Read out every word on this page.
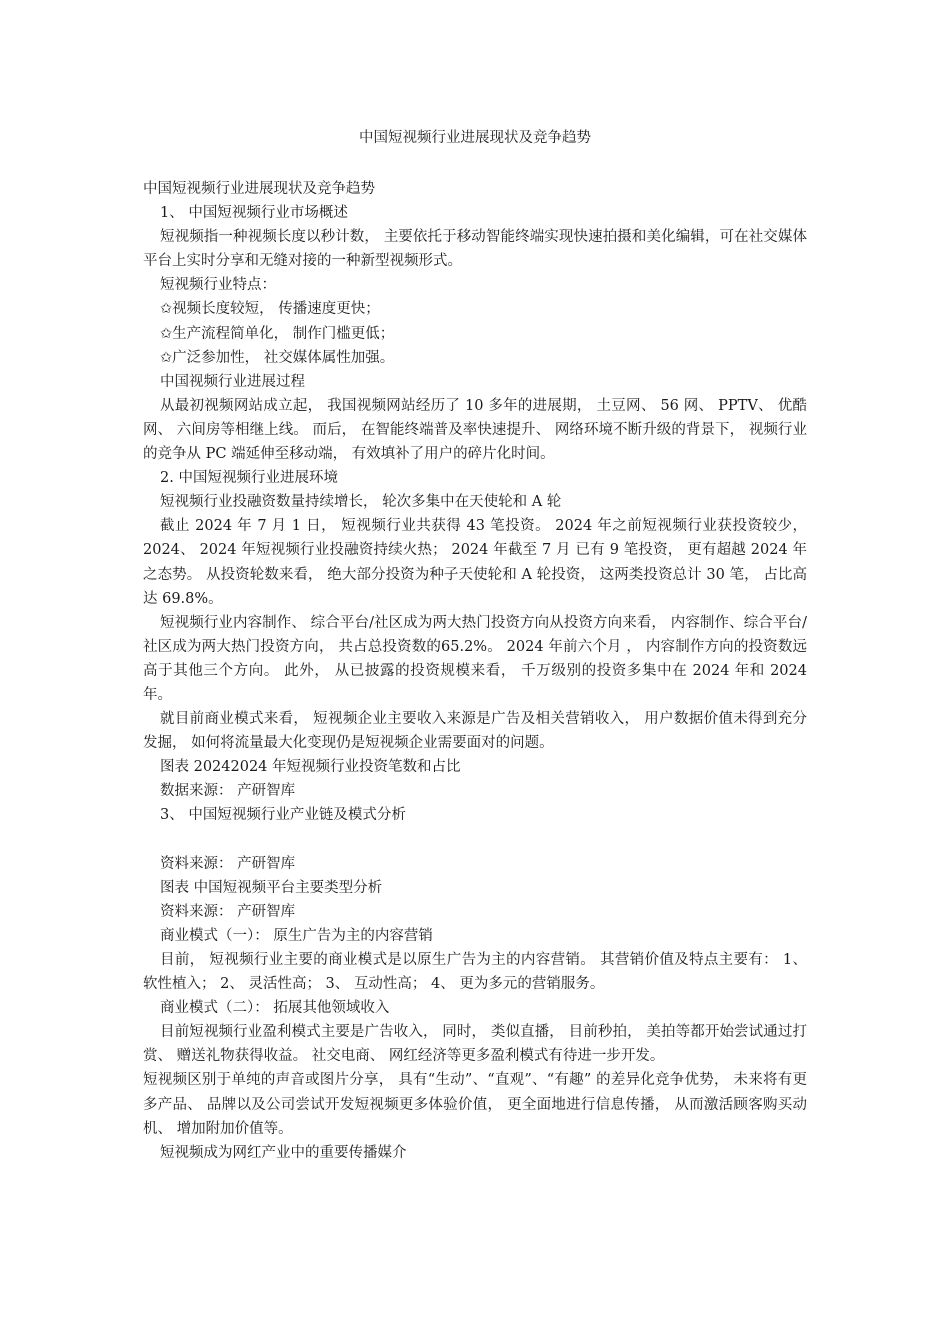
中国短视频行业进展现状及竞争趋势

中国短视频行业进展现状及竞争趋势

1、 中国短视频行业市场概述

短视频指一种视频长度以秒计数， 主要依托于移动智能终端实现快速拍摄和美化编辑，可在社交媒体平台上实时分享和无缝对接的一种新型视频形式。

短视频行业特点：

✩视频长度较短， 传播速度更快；

✩生产流程简单化， 制作门槛更低；

✩广泛参加性， 社交媒体属性加强。

中国视频行业进展过程

从最初视频网站成立起， 我国视频网站经历了 10 多年的进展期， 土豆网、 56 网、 PPTV、 优酷网、 六间房等相继上线。 而后， 在智能终端普及率快速提升、 网络环境不断升级的背景下， 视频行业的竞争从 PC 端延伸至移动端， 有效填补了用户的碎片化时间。

2. 中国短视频行业进展环境

短视频行业投融资数量持续增长， 轮次多集中在天使轮和 A 轮

截止 2024 年 7 月 1 日， 短视频行业共获得 43 笔投资。 2024 年之前短视频行业获投资较少， 2024、 2024 年短视频行业投融资持续火热； 2024 年截至 7 月 已有 9 笔投资， 更有超越 2024 年之态势。 从投资轮数来看， 绝大部分投资为种子天使轮和 A 轮投资， 这两类投资总计 30 笔， 占比高达 69.8%。

短视频行业内容制作、 综合平台/社区成为两大热门投资方向从投资方向来看， 内容制作、综合平台/社区成为两大热门投资方向， 共占总投资数的65.2%。 2024 年前六个月 ， 内容制作方向的投资数远高于其他三个方向。 此外， 从已披露的投资规模来看， 千万级别的投资多集中在 2024 年和 2024 年。

就目前商业模式来看， 短视频企业主要收入来源是广告及相关营销收入， 用户数据价值未得到充分发掘， 如何将流量最大化变现仍是短视频企业需要面对的问题。

图表 20242024 年短视频行业投资笔数和占比

数据来源： 产研智库

3、 中国短视频行业产业链及模式分析

资料来源： 产研智库

图表 中国短视频平台主要类型分析

资料来源： 产研智库

商业模式（一）： 原生广告为主的内容营销

目前， 短视频行业主要的商业模式是以原生广告为主的内容营销。 其营销价值及特点主要有： 1、 软性植入； 2、 灵活性高； 3、 互动性高； 4、 更为多元的营销服务。

商业模式（二）： 拓展其他领域收入

目前短视频行业盈利模式主要是广告收入， 同时， 类似直播， 目前秒拍， 美拍等都开始尝试通过打赏、 赠送礼物获得收益。 社交电商、 网红经济等更多盈利模式有待进一步开发。

短视频区别于单纯的声音或图片分享， 具有“生动”、“直观”、“有趣” 的差异化竞争优势， 未来将有更多产品、 品牌以及公司尝试开发短视频更多体验价值， 更全面地进行信息传播， 从而激活顾客购买动机、 增加附加价值等。

短视频成为网红产业中的重要传播媒介
